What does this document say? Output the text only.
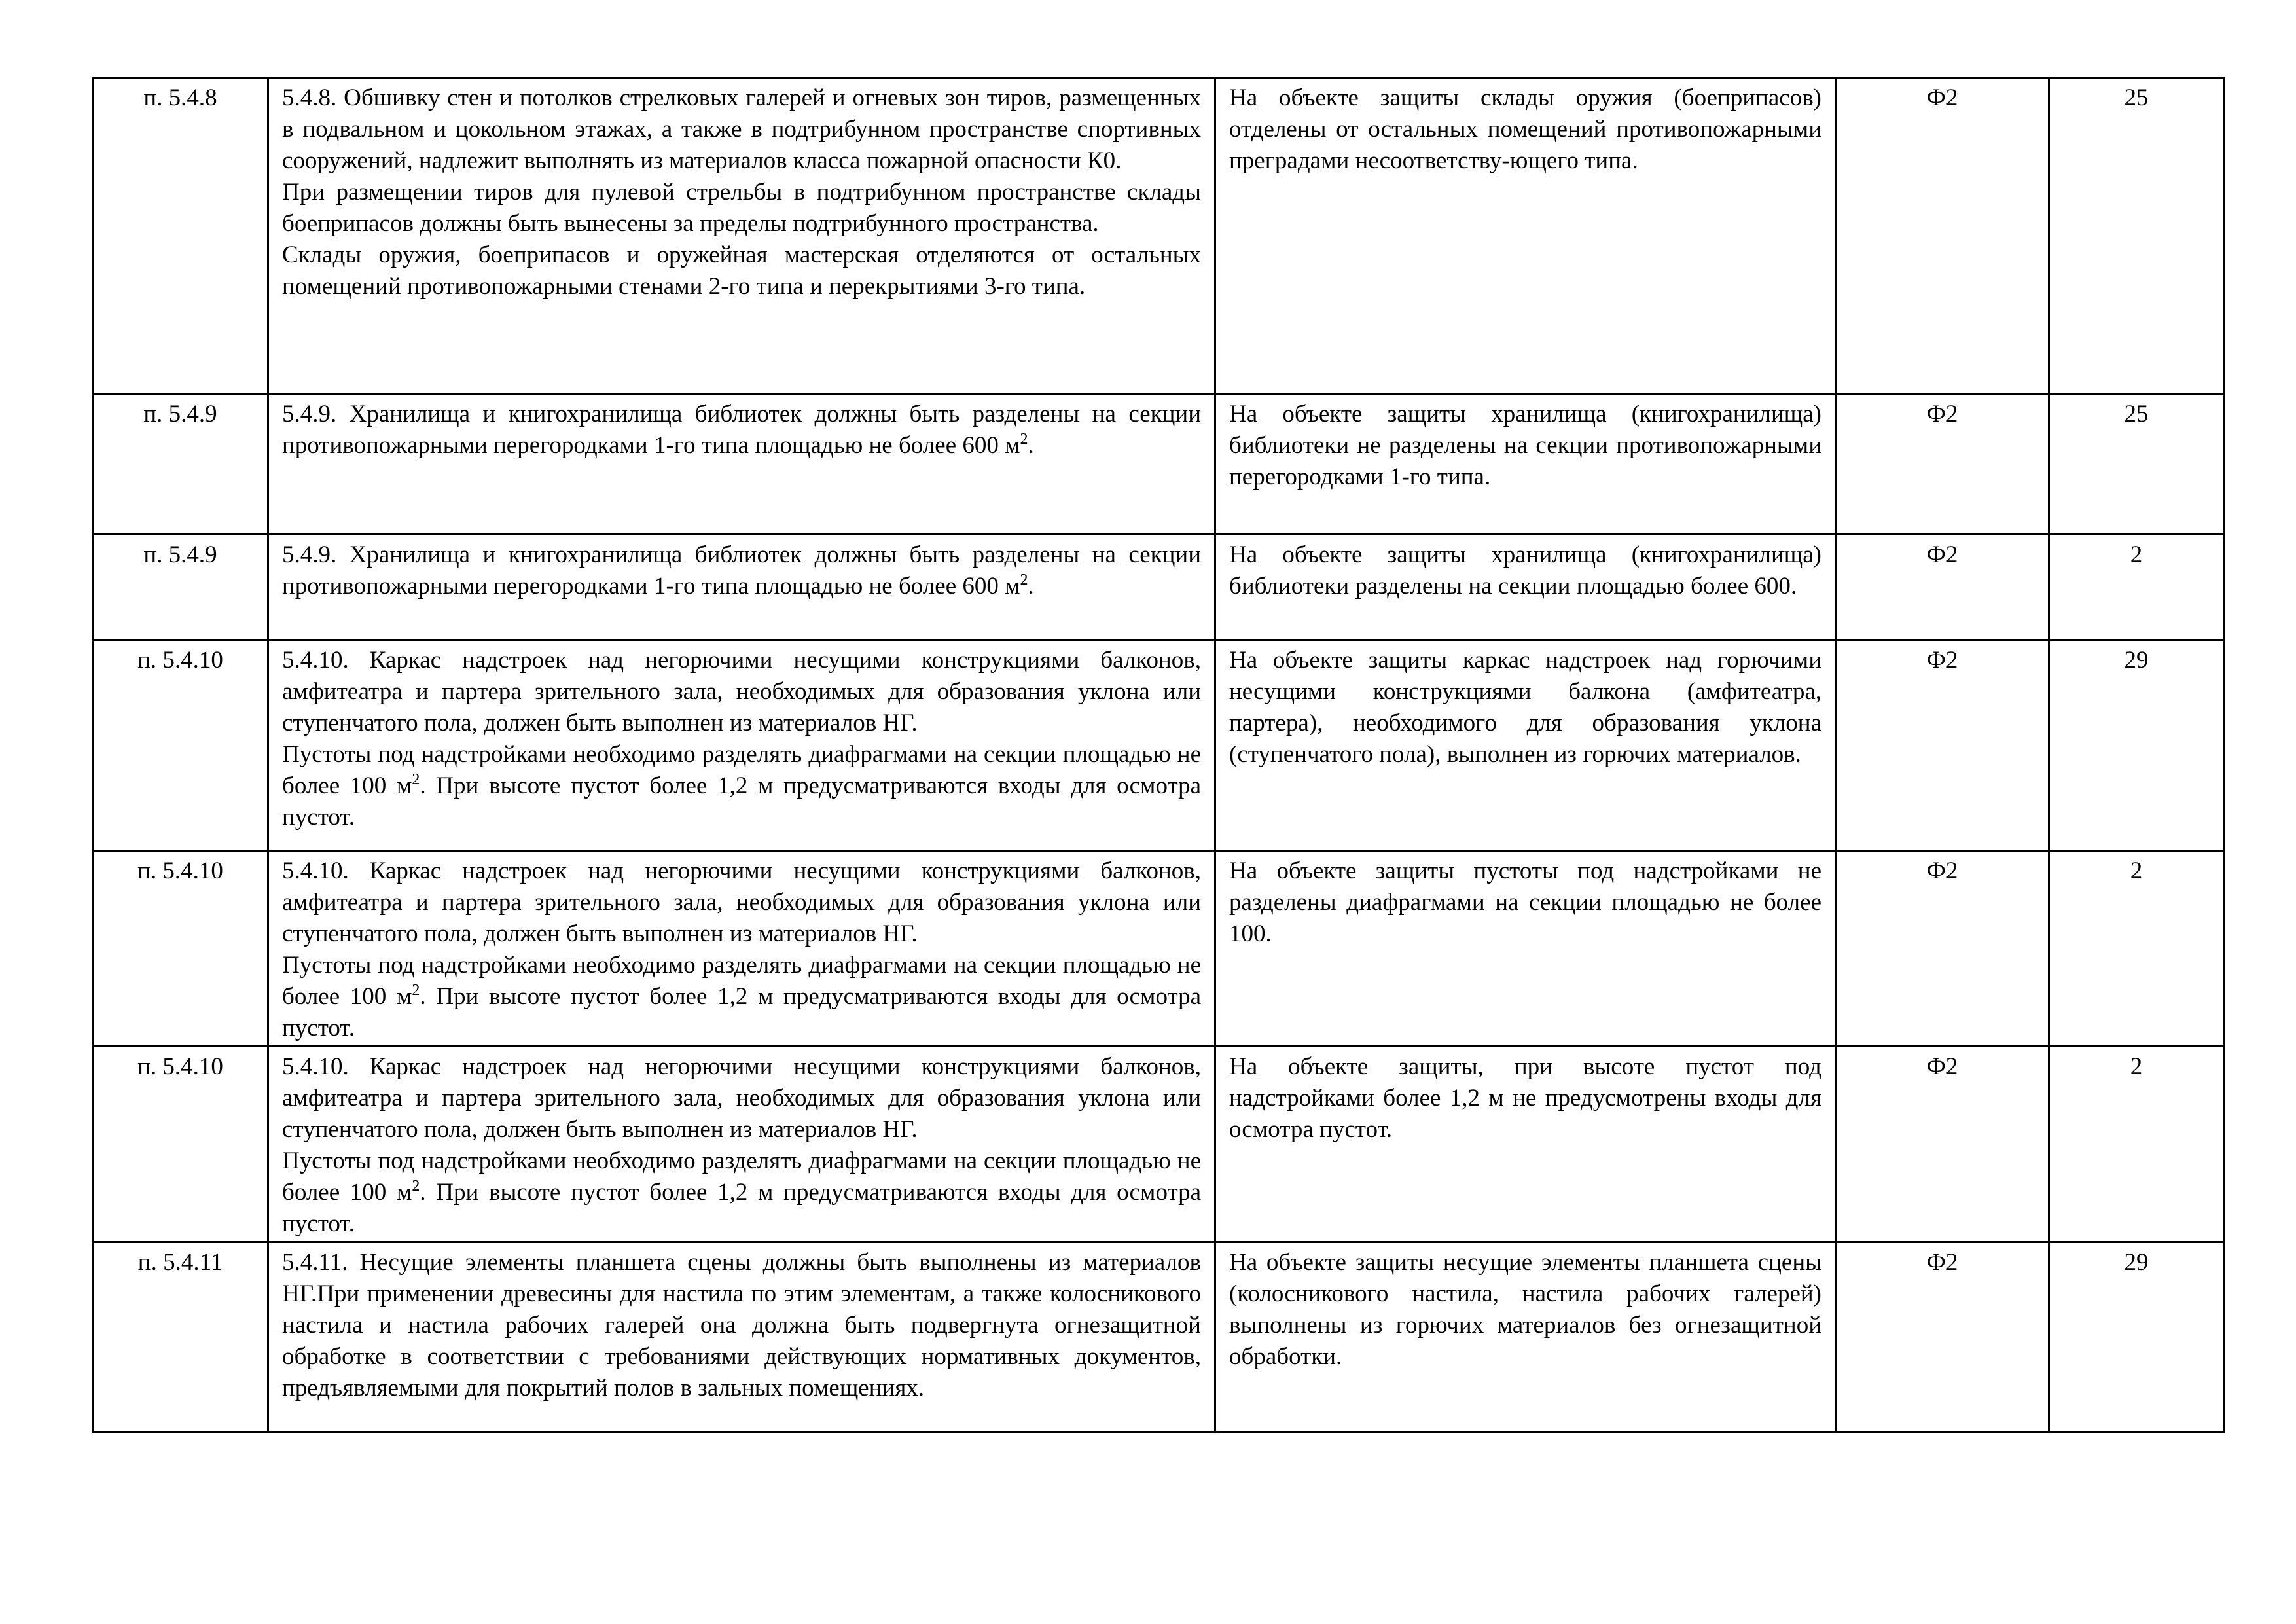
п. 5.4.8	5.4.8. Обшивку стен и потолков стрелковых галерей и огневых зон тиров, размещенных в подвальном и цокольном этажах, а также в подтрибунном пространстве спортивных сооружений, надлежит выполнять из материалов класса пожарной опасности К0.
При размещении тиров для пулевой стрельбы в подтрибунном пространстве склады боеприпасов должны быть вынесены за пределы подтрибунного пространства.
Склады оружия, боеприпасов и оружейная мастерская отделяются от остальных помещений противопожарными стенами 2-го типа и перекрытиями 3-го типа.	На объекте защиты склады оружия (боеприпасов) отделены от остальных помещений противопожарными преградами несоответству-ющего типа.	Ф2	25
п. 5.4.9	5.4.9. Хранилища и книгохранилища библиотек должны быть разделены на секции противопожарными перегородками 1-го типа площадью не более 600 $м^2$.	На объекте защиты хранилища (книгохранилища) библиотеки не разделены на секции противопожарными перегородками 1-го типа.	Ф2	25
п. 5.4.9	5.4.9. Хранилища и книгохранилища библиотек должны быть разделены на секции противопожарными перегородками 1-го типа площадью не более 600 $м^2$.	На объекте защиты хранилища (книгохранилища) библиотеки разделены на секции площадью более 600.	Ф2	2
п. 5.4.10	5.4.10. Каркас надстроек над негорючими несущими конструкциями балконов, амфитеатра и партера зрительного зала, необходимых для образования уклона или ступенчатого пола, должен быть выполнен из материалов НГ.
Пустоты под надстройками необходимо разделять диафрагмами на секции площадью не более 100 $м^2$. При высоте пустот более 1,2 м предусматриваются входы для осмотра пустот.	На объекте защиты каркас надстроек над горючими несущими конструкциями балкона (амфитеатра, партера), необходимого для образования уклона (ступенчатого пола), выполнен из горючих материалов.	Ф2	29
п. 5.4.10	5.4.10. Каркас надстроек над негорючими несущими конструкциями балконов, амфитеатра и партера зрительного зала, необходимых для образования уклона или ступенчатого пола, должен быть выполнен из материалов НГ.
Пустоты под надстройками необходимо разделять диафрагмами на секции площадью не более 100 $м^2$. При высоте пустот более 1,2 м предусматриваются входы для осмотра пустот.	На объекте защиты пустоты под надстройками не разделены диафрагмами на секции площадью не более 100.	Ф2	2
п. 5.4.10	5.4.10. Каркас надстроек над негорючими несущими конструкциями балконов, амфитеатра и партера зрительного зала, необходимых для образования уклона или ступенчатого пола, должен быть выполнен из материалов НГ.
Пустоты под надстройками необходимо разделять диафрагмами на секции площадью не более 100 $м^2$. При высоте пустот более 1,2 м предусматриваются входы для осмотра пустот.	На объекте защиты, при высоте пустот под надстройками более 1,2 м не предусмотрены входы для осмотра пустот.	Ф2	2
п. 5.4.11	5.4.11. Несущие элементы планшета сцены должны быть выполнены из материалов НГ.При применении древесины для настила по этим элементам, а также колосникового настила и настила рабочих галерей она должна быть подвергнута огнезащитной обработке в соответствии с требованиями действующих нормативных документов, предъявляемыми для покрытий полов в зальных помещениях.	На объекте защиты несущие элементы планшета сцены (колосникового настила, настила рабочих галерей) выполнены из горючих материалов без огнезащитной обработки.	Ф2	29
